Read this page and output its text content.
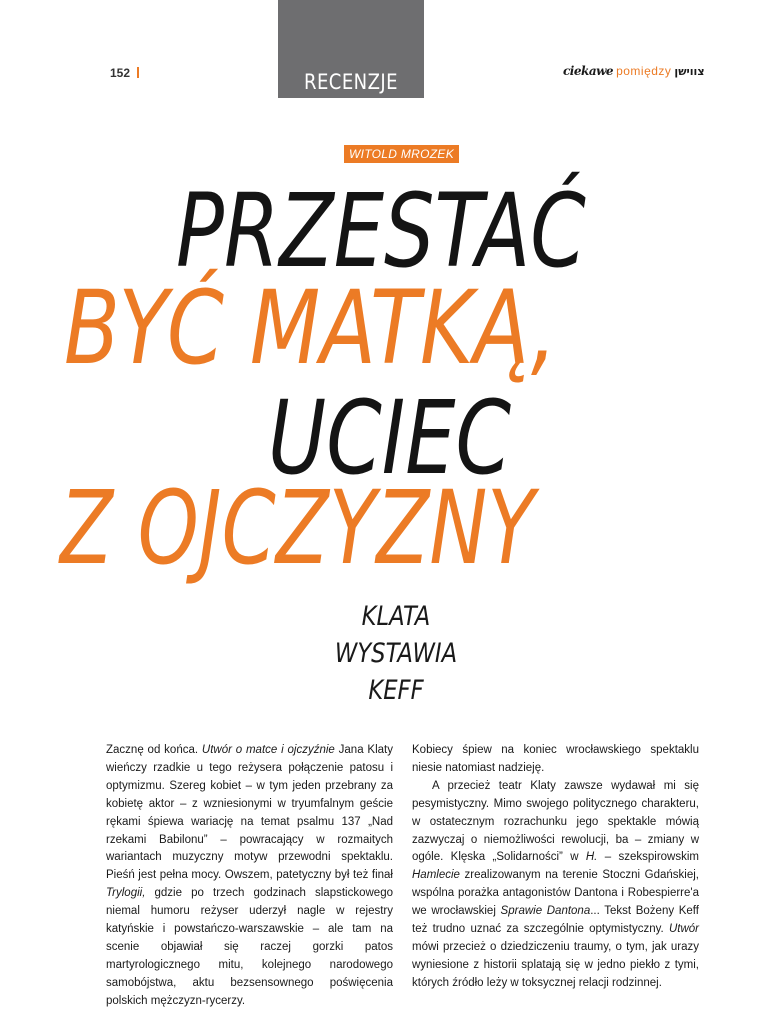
RECENZJE
152	ciekawe pomiędzy צווישן
WITOLD MROZEK
PRZESTAĆ
BYĆ MATKĄ,
UCIEC
Z OJCZYZNY
KLATA
WYSTAWIA
KEFF

Zacznę od końca. Utwór o matce i ojczyźnie Jana Klaty wieńczy rzadkie u tego reżysera połączenie patosu i optymizmu. Szereg kobiet – w tym jeden przebrany za kobietę aktor – z wzniesionymi w tryumfalnym geście rękami śpiewa wariację na temat psalmu 137 „Nad rzekami Babilonu” – powracający w rozmaitych wariantach muzyczny motyw przewodni spektaklu. Pieśń jest pełna mocy. Owszem, patetyczny był też finał Trylogii, gdzie po trzech godzinach slapstickowego niemal humoru reżyser uderzył nagle w rejestry katyńskie i powstańczo-warszawskie – ale tam na scenie objawiał się raczej gorzki patos martyrologicznego mitu, kolejnego narodowego samobójstwa, aktu bezsensownego poświęcenia polskich mężczyzn-rycerzy.

Kobiecy śpiew na koniec wrocławskiego spektaklu niesie natomiast nadzieję.

A przecież teatr Klaty zawsze wydawał mi się pesymistyczny. Mimo swojego politycznego charakteru, w ostatecznym rozrachunku jego spektakle mówią zazwyczaj o niemożliwości rewolucji, ba – zmiany w ogóle. Klęska „Solidarności” w H. – szekspirowskim Hamlecie zrealizowanym na terenie Stoczni Gdańskiej, wspólna porażka antagonistów Dantona i Robespierre'a we wrocławskiej Sprawie Dantona... Tekst Bożeny Keff też trudno uznać za szczególnie optymistyczny. Utwór mówi przecież o dziedziczeniu traumy, o tym, jak urazy wyniesione z historii splatają się w jedno piekło z tymi, których źródło leży w toksycznej relacji rodzinnej.
